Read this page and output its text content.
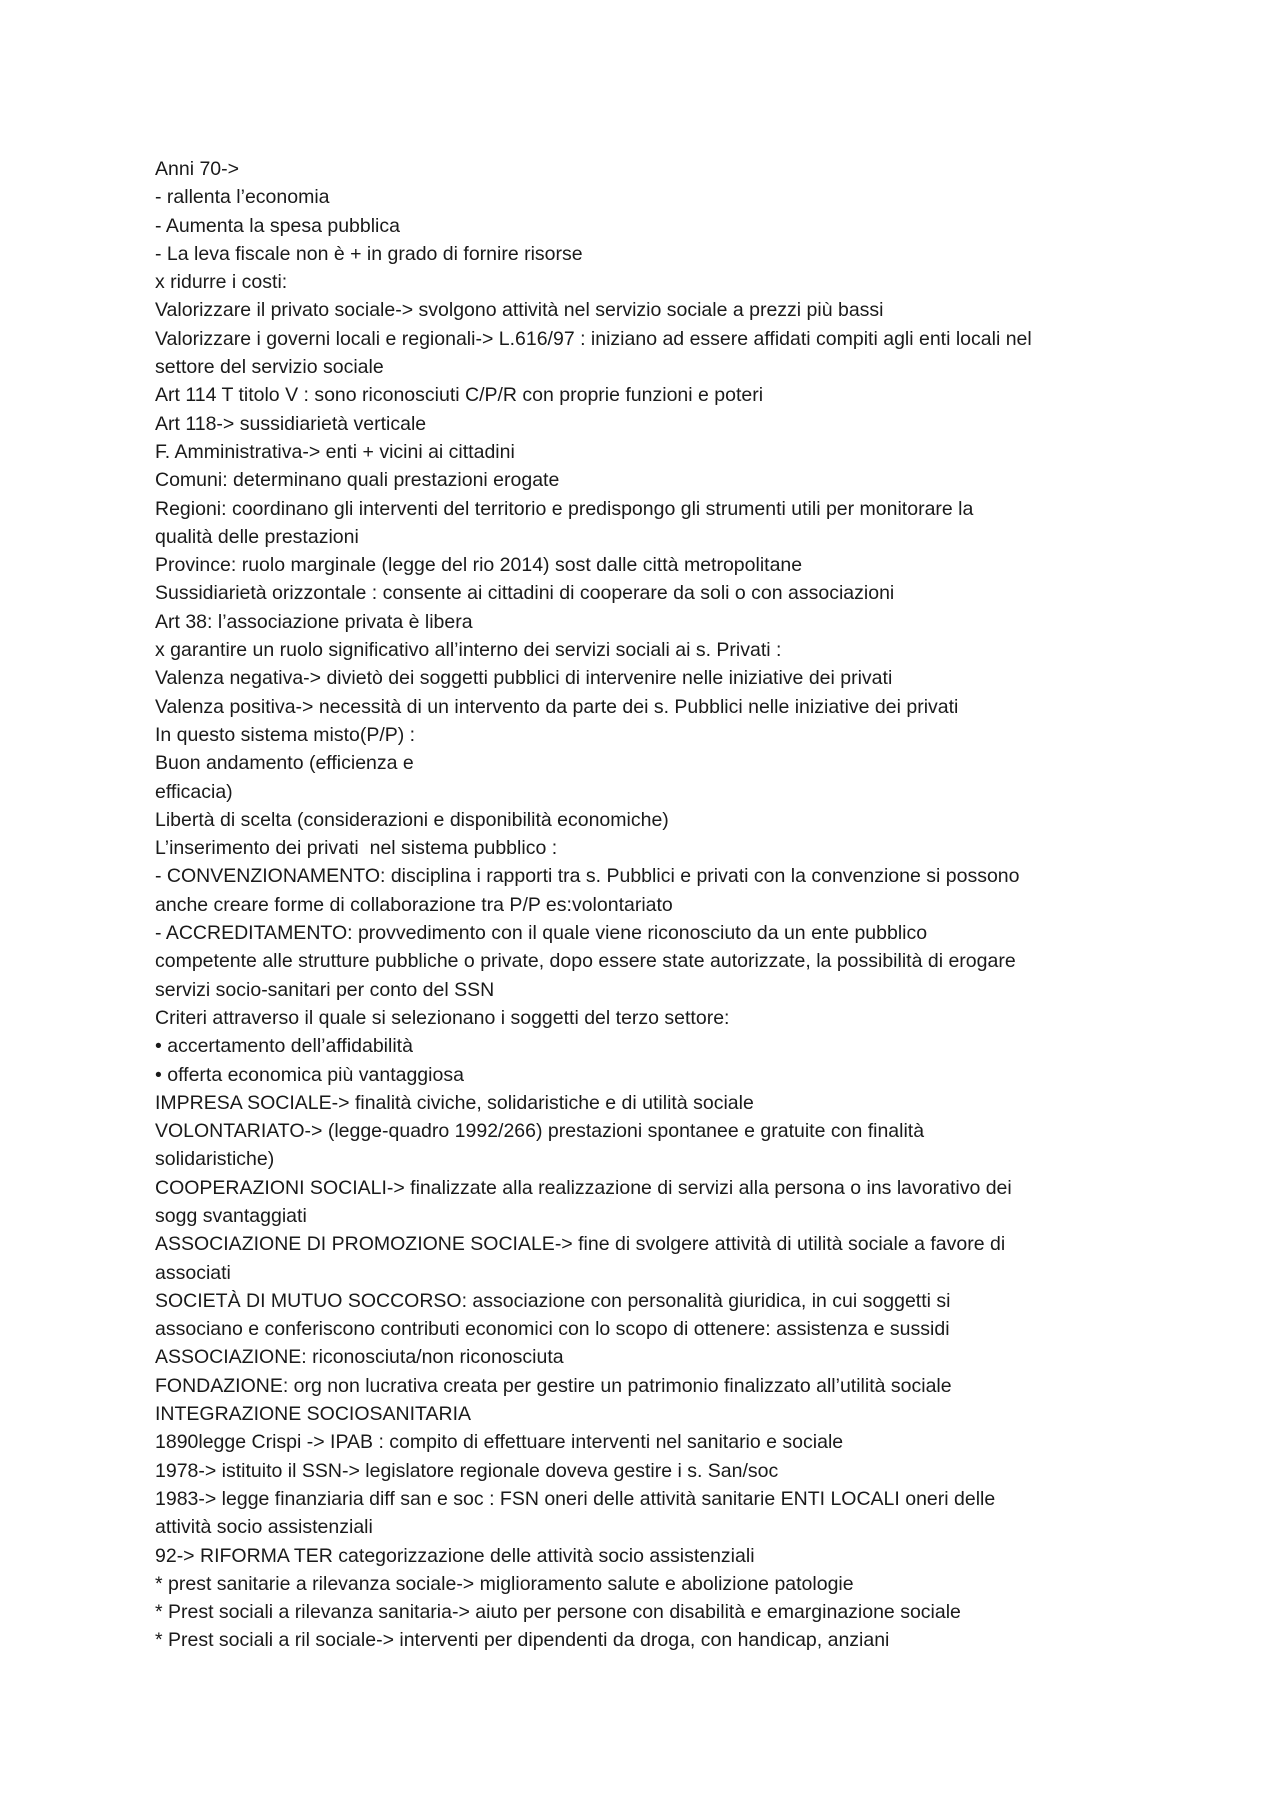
Anni 70->

- rallenta l’economia

- Aumenta la spesa pubblica

- La leva fiscale non è + in grado di fornire risorse

x ridurre i costi:

Valorizzare il privato sociale-> svolgono attività nel servizio sociale a prezzi più bassi

Valorizzare i governi locali e regionali-> L.616/97 : iniziano ad essere affidati compiti agli enti locali nel

settore del servizio sociale

Art 114 T titolo V : sono riconosciuti C/P/R con proprie funzioni e poteri

Art 118-> sussidiarietà verticale

F. Amministrativa-> enti + vicini ai cittadini

Comuni: determinano quali prestazioni erogate

Regioni: coordinano gli interventi del territorio e predispongo gli strumenti utili per monitorare la

qualità delle prestazioni

Province: ruolo marginale (legge del rio 2014) sost dalle città metropolitane

Sussidiarietà orizzontale : consente ai cittadini di cooperare da soli o con associazioni

Art 38: l’associazione privata è libera

x garantire un ruolo significativo all’interno dei servizi sociali ai s. Privati :

Valenza negativa-> divietò dei soggetti pubblici di intervenire nelle iniziative dei privati

Valenza positiva-> necessità di un intervento da parte dei s. Pubblici nelle iniziative dei privati

In questo sistema misto(P/P) :

Buon andamento (efficienza e

efficacia)

Libertà di scelta (considerazioni e disponibilità economiche)

L’inserimento dei privati  nel sistema pubblico :

- CONVENZIONAMENTO: disciplina i rapporti tra s. Pubblici e privati con la convenzione si possono

anche creare forme di collaborazione tra P/P es:volontariato

- ACCREDITAMENTO: provvedimento con il quale viene riconosciuto da un ente pubblico

competente alle strutture pubbliche o private, dopo essere state autorizzate, la possibilità di erogare

servizi socio-sanitari per conto del SSN

Criteri attraverso il quale si selezionano i soggetti del terzo settore:

• accertamento dell’affidabilità

• offerta economica più vantaggiosa

IMPRESA SOCIALE-> finalità civiche, solidaristiche e di utilità sociale

VOLONTARIATO-> (legge-quadro 1992/266) prestazioni spontanee e gratuite con finalità

solidaristiche)

COOPERAZIONI SOCIALI-> finalizzate alla realizzazione di servizi alla persona o ins lavorativo dei

sogg svantaggiati

ASSOCIAZIONE DI PROMOZIONE SOCIALE-> fine di svolgere attività di utilità sociale a favore di

associati

SOCIETÀ DI MUTUO SOCCORSO: associazione con personalità giuridica, in cui soggetti si

associano e conferiscono contributi economici con lo scopo di ottenere: assistenza e sussidi

ASSOCIAZIONE: riconosciuta/non riconosciuta

FONDAZIONE: org non lucrativa creata per gestire un patrimonio finalizzato all’utilità sociale

INTEGRAZIONE SOCIOSANITARIA

1890legge Crispi -> IPAB : compito di effettuare interventi nel sanitario e sociale

1978-> istituito il SSN-> legislatore regionale doveva gestire i s. San/soc

1983-> legge finanziaria diff san e soc : FSN oneri delle attività sanitarie ENTI LOCALI oneri delle

attività socio assistenziali

92-> RIFORMA TER categorizzazione delle attività socio assistenziali

* prest sanitarie a rilevanza sociale-> miglioramento salute e abolizione patologie

* Prest sociali a rilevanza sanitaria-> aiuto per persone con disabilità e emarginazione sociale

* Prest sociali a ril sociale-> interventi per dipendenti da droga, con handicap, anziani
